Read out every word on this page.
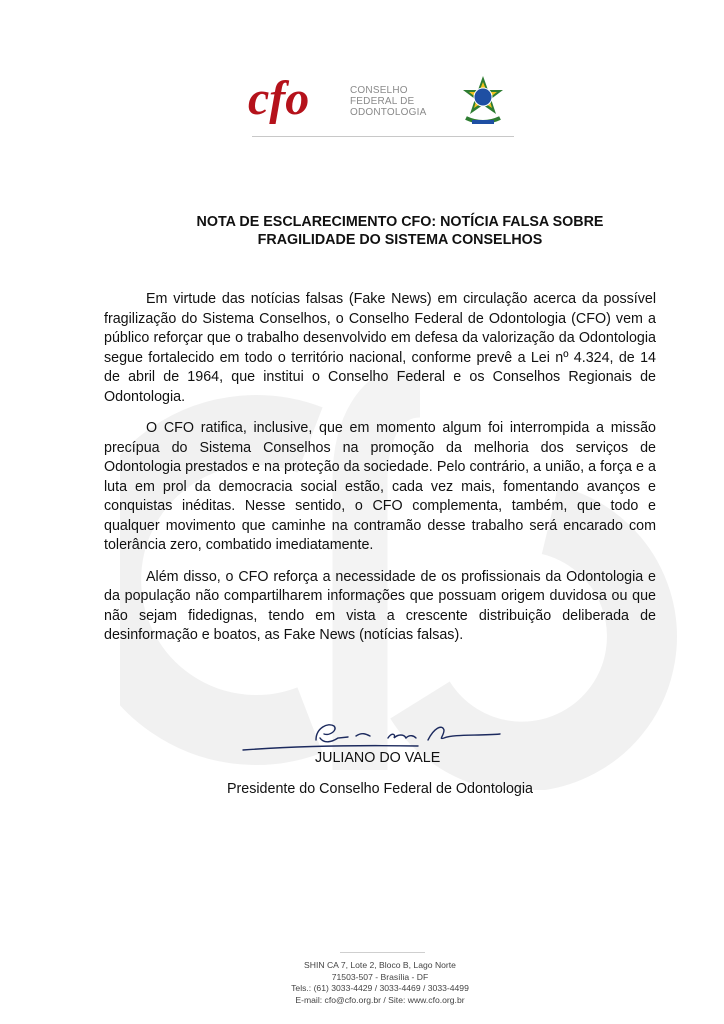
cfo	CONSELHO
FEDERAL DE
ODONTOLOGIA
NOTA DE ESCLARECIMENTO CFO: NOTÍCIA FALSA SOBRE
FRAGILIDADE DO SISTEMA CONSELHOS

Em virtude das notícias falsas (Fake News) em circulação acerca da possível fragilização do Sistema Conselhos, o Conselho Federal de Odontologia (CFO) vem a público reforçar que o trabalho desenvolvido em defesa da valorização da Odontologia segue fortalecido em todo o território nacional, conforme prevê a Lei nº 4.324, de 14 de abril de 1964, que institui o Conselho Federal e os Conselhos Regionais de Odontologia.

O CFO ratifica, inclusive, que em momento algum foi interrompida a missão precípua do Sistema Conselhos na promoção da melhoria dos serviços de Odontologia prestados e na proteção da sociedade. Pelo contrário, a união, a força e a luta em prol da democracia social estão, cada vez mais, fomentando avanços e conquistas inéditas. Nesse sentido, o CFO complementa, também, que todo e qualquer movimento que caminhe na contramão desse trabalho será encarado com tolerância zero, combatido imediatamente.

Além disso, o CFO reforça a necessidade de os profissionais da Odontologia e da população não compartilharem informações que possuam origem duvidosa ou que não sejam fidedignas, tendo em vista a crescente distribuição deliberada de desinformação e boatos, as Fake News (notícias falsas).

JULIANO DO VALE
Presidente do Conselho Federal de Odontologia
SHIN CA 7, Lote 2, Bloco B, Lago Norte
71503-507 - Brasília - DF
Tels.: (61) 3033-4429 / 3033-4469 / 3033-4499
E-mail: cfo@cfo.org.br / Site: www.cfo.org.br
